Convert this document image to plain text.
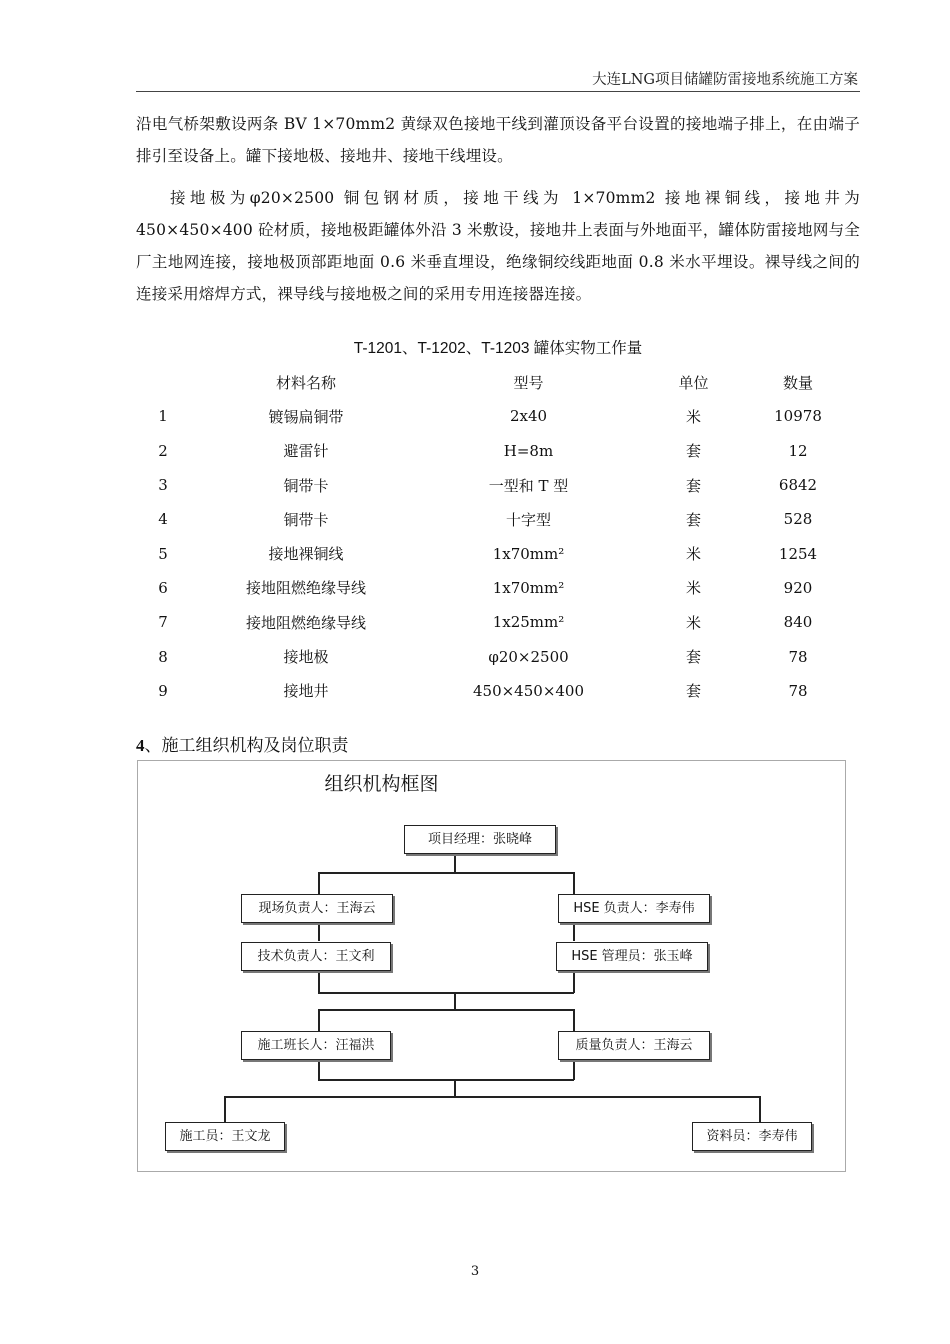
大连LNG项目储罐防雷接地系统施工方案
沿电气桥架敷设两条 BV 1×70mm2 黄绿双色接地干线到灌顶设备平台设置的接地端子排上，在由端子排引至设备上。罐下接地极、接地井、接地干线埋设。
接地极为φ20×2500 铜包钢材质，接地干线为 1×70mm2 接地裸铜线，接地井为 450×450×400 砼材质，接地极距罐体外沿 3 米敷设，接地井上表面与外地面平，罐体防雷接地网与全厂主地网连接，接地极顶部距地面 0.6 米垂直埋设，绝缘铜绞线距地面 0.8 米水平埋设。裸导线之间的连接采用熔焊方式，裸导线与接地极之间的采用专用连接器连接。
T-1201、T-1202、T-1203 罐体实物工作量
	材料名称	型号	单位	数量
1	镀锡扁铜带	2x40	米	10978
2	避雷针	H=8m	套	12
3	铜带卡	一型和 T 型	套	6842
4	铜带卡	十字型	套	528
5	接地裸铜线	1x70mm²	米	1254
6	接地阻燃绝缘导线	1x70mm²	米	920
7	接地阻燃绝缘导线	1x25mm²	米	840
8	接地极	φ20×2500	套	78
9	接地井	450×450×400	套	78
4、施工组织机构及岗位职责
组织机构框图
项目经理：张晓峰
现场负责人：王海云	HSE 负责人：李寿伟
技术负责人：王文利	HSE 管理员：张玉峰
施工班长人：汪福洪	质量负责人：王海云
施工员：王文龙	资料员：李寿伟
3
